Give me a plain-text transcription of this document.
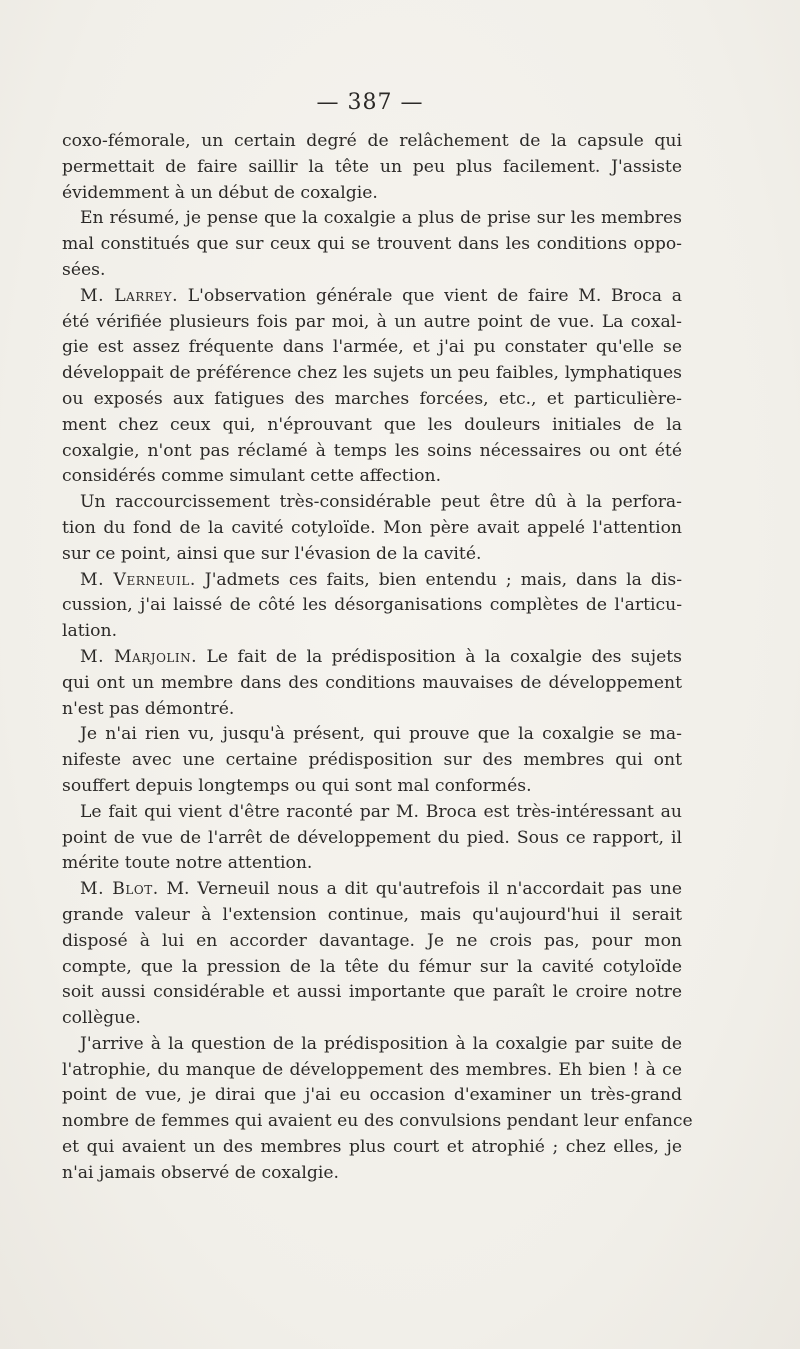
— 387 —
coxo-fémorale, un certain degré de relâchement de la capsule qui
permettait de faire saillir la tête un peu plus facilement. J'assiste
évidemment à un début de coxalgie.
En résumé, je pense que la coxalgie a plus de prise sur les membres
mal constitués que sur ceux qui se trouvent dans les conditions oppo-
sées.
M. Larrey. L'observation générale que vient de faire M. Broca a
été vérifiée plusieurs fois par moi, à un autre point de vue. La coxal-
gie est assez fréquente dans l'armée, et j'ai pu constater qu'elle se
développait de préférence chez les sujets un peu faibles, lymphatiques
ou exposés aux fatigues des marches forcées, etc., et particulière-
ment chez ceux qui, n'éprouvant que les douleurs initiales de la
coxalgie, n'ont pas réclamé à temps les soins nécessaires ou ont été
considérés comme simulant cette affection.
Un raccourcissement très-considérable peut être dû à la perfora-
tion du fond de la cavité cotyloïde. Mon père avait appelé l'attention
sur ce point, ainsi que sur l'évasion de la cavité.
M. Verneuil. J'admets ces faits, bien entendu ; mais, dans la dis-
cussion, j'ai laissé de côté les désorganisations complètes de l'articu-
lation.
M. Marjolin. Le fait de la prédisposition à la coxalgie des sujets
qui ont un membre dans des conditions mauvaises de développement
n'est pas démontré.
Je n'ai rien vu, jusqu'à présent, qui prouve que la coxalgie se ma-
nifeste avec une certaine prédisposition sur des membres qui ont
souffert depuis longtemps ou qui sont mal conformés.
Le fait qui vient d'être raconté par M. Broca est très-intéressant au
point de vue de l'arrêt de développement du pied. Sous ce rapport, il
mérite toute notre attention.
M. Blot. M. Verneuil nous a dit qu'autrefois il n'accordait pas une
grande valeur à l'extension continue, mais qu'aujourd'hui il serait
disposé à lui en accorder davantage. Je ne crois pas, pour mon
compte, que la pression de la tête du fémur sur la cavité cotyloïde
soit aussi considérable et aussi importante que paraît le croire notre
collègue.
J'arrive à la question de la prédisposition à la coxalgie par suite de
l'atrophie, du manque de développement des membres. Eh bien ! à ce
point de vue, je dirai que j'ai eu occasion d'examiner un très-grand
nombre de femmes qui avaient eu des convulsions pendant leur enfance
et qui avaient un des membres plus court et atrophié ; chez elles, je
n'ai jamais observé de coxalgie.
